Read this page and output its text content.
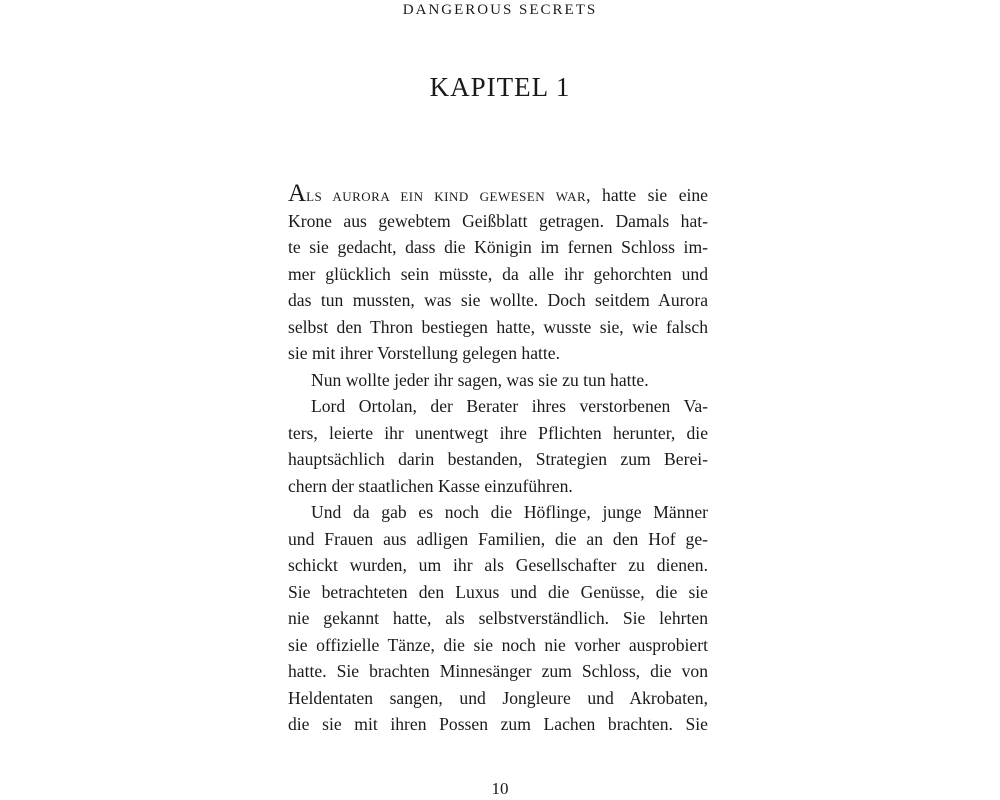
DANGEROUS SECRETS
KAPITEL 1
ALS AURORA EIN KIND GEWESEN WAR, hatte sie eine
Krone aus gewebtem Geißblatt getragen. Damals hat-
te sie gedacht, dass die Königin im fernen Schloss im-
mer glücklich sein müsste, da alle ihr gehorchten und
das tun mussten, was sie wollte. Doch seitdem Aurora
selbst den Thron bestiegen hatte, wusste sie, wie falsch
sie mit ihrer Vorstellung gelegen hatte.
Nun wollte jeder ihr sagen, was sie zu tun hatte.
Lord Ortolan, der Berater ihres verstorbenen Va-
ters, leierte ihr unentwegt ihre Pflichten herunter, die
hauptsächlich darin bestanden, Strategien zum Berei-
chern der staatlichen Kasse einzuführen.
Und da gab es noch die Höflinge, junge Männer
und Frauen aus adligen Familien, die an den Hof ge-
schickt wurden, um ihr als Gesellschafter zu dienen.
Sie betrachteten den Luxus und die Genüsse, die sie
nie gekannt hatte, als selbstverständlich. Sie lehrten
sie offizielle Tänze, die sie noch nie vorher ausprobiert
hatte. Sie brachten Minnesänger zum Schloss, die von
Heldentaten sangen, und Jongleure und Akrobaten,
die sie mit ihren Possen zum Lachen brachten. Sie
10
